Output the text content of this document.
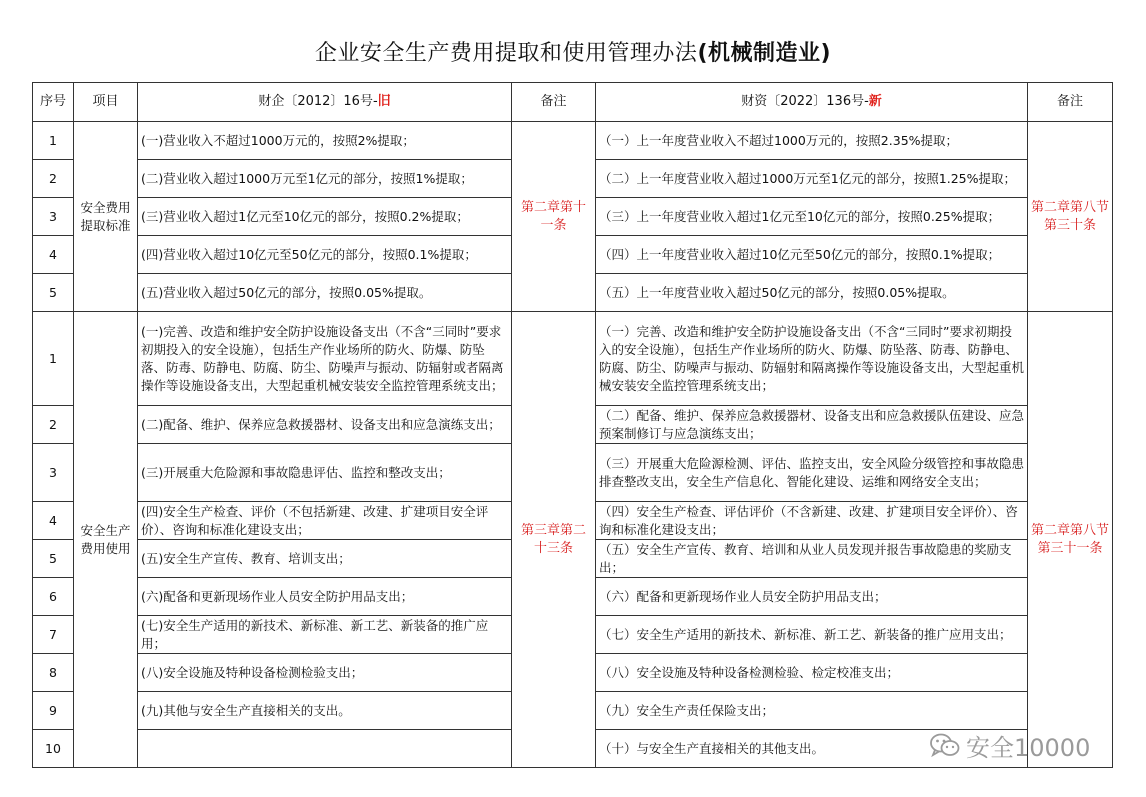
企业安全生产费用提取和使用管理办法(机械制造业)
序号	项目	财企〔2012〕16号-旧	备注	财资〔2022〕136号-新	备注
1	安全费用提取标准	(一)营业收入不超过1000万元的，按照2%提取；	第二章第十一条	（一）上一年度营业收入不超过1000万元的，按照2.35%提取；	第二章第八节第三十条
2		(二)营业收入超过1000万元至1亿元的部分，按照1%提取；		（二）上一年度营业收入超过1000万元至1亿元的部分，按照1.25%提取；	
3		(三)营业收入超过1亿元至10亿元的部分，按照0.2%提取；		（三）上一年度营业收入超过1亿元至10亿元的部分，按照0.25%提取；	
4		(四)营业收入超过10亿元至50亿元的部分，按照0.1%提取；		（四）上一年度营业收入超过10亿元至50亿元的部分，按照0.1%提取；	
5		(五)营业收入超过50亿元的部分，按照0.05%提取。		（五）上一年度营业收入超过50亿元的部分，按照0.05%提取。	
1	安全生产费用使用	(一)完善、改造和维护安全防护设施设备支出（不含“三同时”要求初期投入的安全设施），包括生产作业场所的防火、防爆、防坠落、防毒、防静电、防腐、防尘、防噪声与振动、防辐射或者隔离操作等设施设备支出，大型起重机械安装安全监控管理系统支出；	第三章第二十三条	（一）完善、改造和维护安全防护设施设备支出（不含“三同时”要求初期投入的安全设施），包括生产作业场所的防火、防爆、防坠落、防毒、防静电、防腐、防尘、防噪声与振动、防辐射和隔离操作等设施设备支出，大型起重机械安装安全监控管理系统支出；	第二章第八节第三十一条
2		(二)配备、维护、保养应急救援器材、设备支出和应急演练支出；		（二）配备、维护、保养应急救援器材、设备支出和应急救援队伍建设、应急预案制修订与应急演练支出；	
3		(三)开展重大危险源和事故隐患评估、监控和整改支出；		（三）开展重大危险源检测、评估、监控支出，安全风险分级管控和事故隐患排查整改支出，安全生产信息化、智能化建设、运维和网络安全支出；	
4		(四)安全生产检查、评价（不包括新建、改建、扩建项目安全评价）、咨询和标准化建设支出；		（四）安全生产检查、评估评价（不含新建、改建、扩建项目安全评价）、咨询和标准化建设支出；	
5		(五)安全生产宣传、教育、培训支出；		（五）安全生产宣传、教育、培训和从业人员发现并报告事故隐患的奖励支出；	
6		(六)配备和更新现场作业人员安全防护用品支出；		（六）配备和更新现场作业人员安全防护用品支出；	
7		(七)安全生产适用的新技术、新标准、新工艺、新装备的推广应用；		（七）安全生产适用的新技术、新标准、新工艺、新装备的推广应用支出；	
8		(八)安全设施及特种设备检测检验支出；		（八）安全设施及特种设备检测检验、检定校准支出；	
9		(九)其他与安全生产直接相关的支出。		（九）安全生产责任保险支出；	
10				（十）与安全生产直接相关的其他支出。		安全10000
